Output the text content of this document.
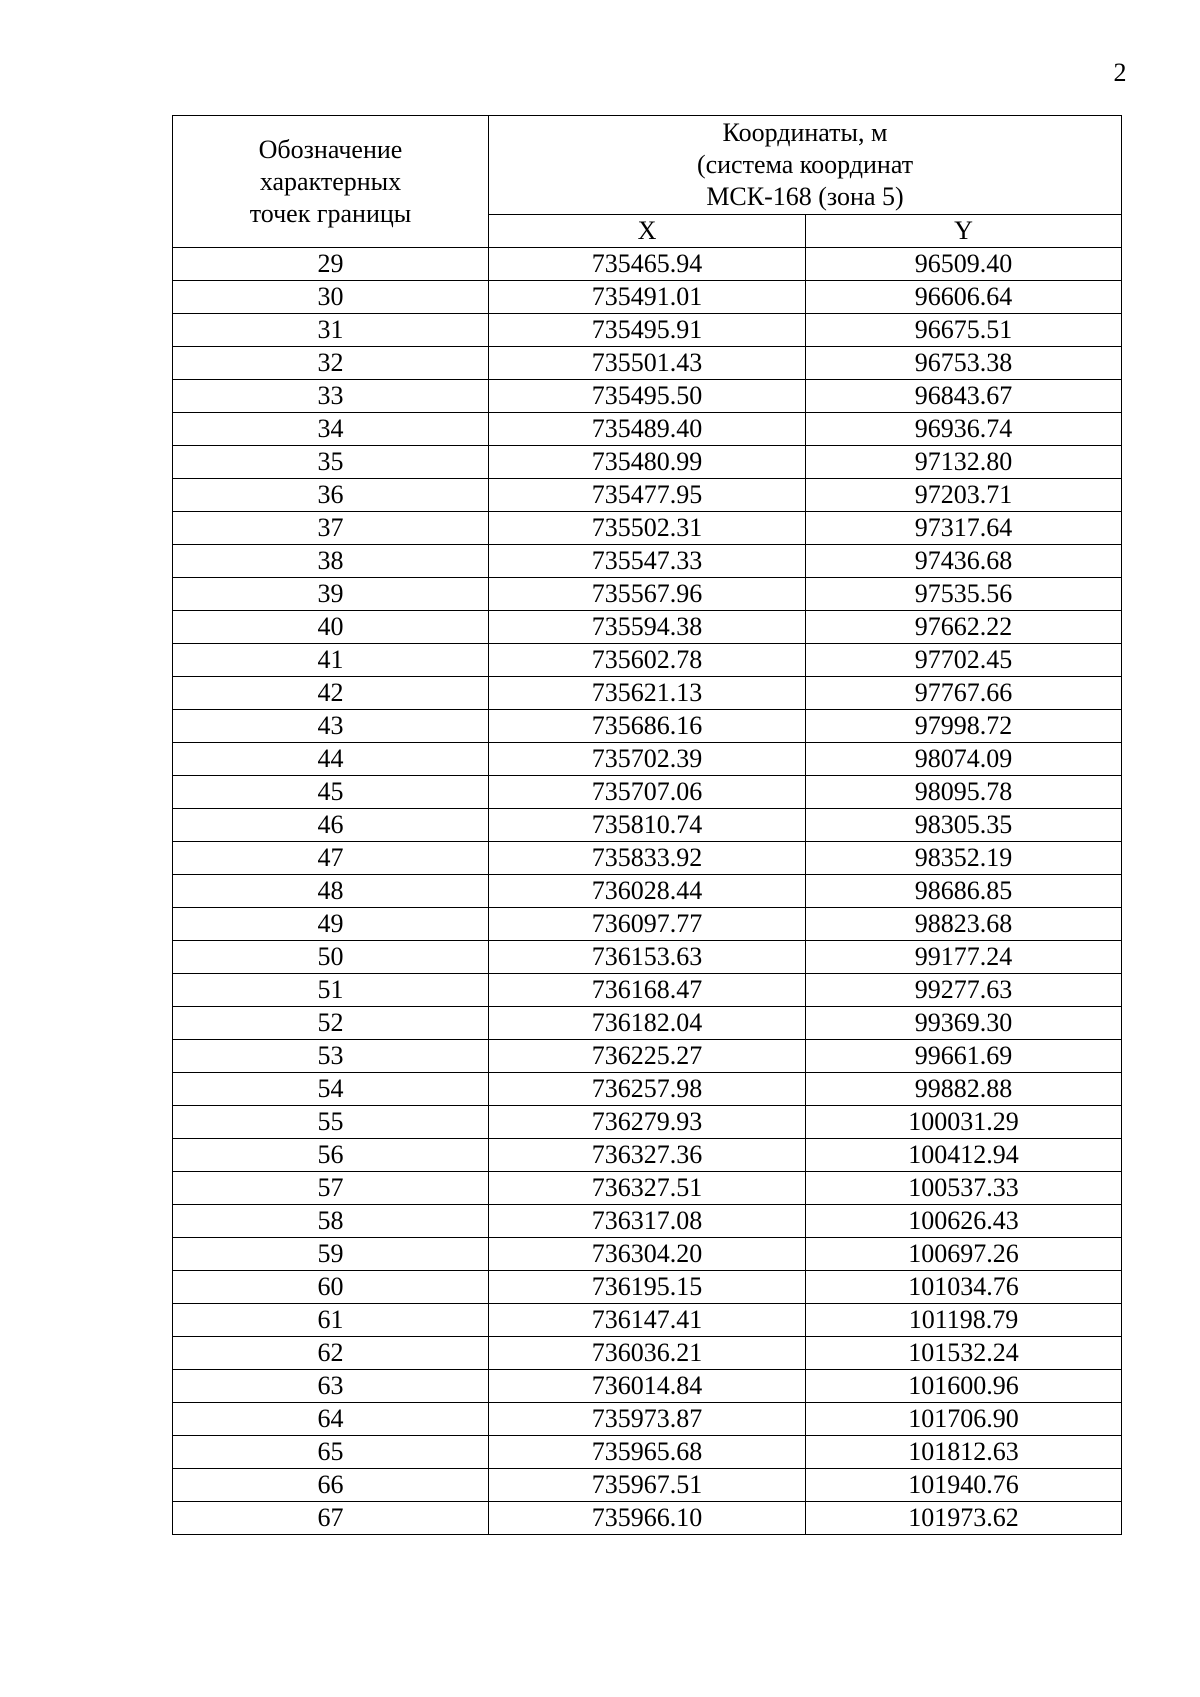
2
Обозначение
характерных
точек границы	Координаты, м
(система координат
МСК-168 (зона 5)	

	X	Y
29	735465.94	96509.40
30	735491.01	96606.64
31	735495.91	96675.51
32	735501.43	96753.38
33	735495.50	96843.67
34	735489.40	96936.74
35	735480.99	97132.80
36	735477.95	97203.71
37	735502.31	97317.64
38	735547.33	97436.68
39	735567.96	97535.56
40	735594.38	97662.22
41	735602.78	97702.45
42	735621.13	97767.66
43	735686.16	97998.72
44	735702.39	98074.09
45	735707.06	98095.78
46	735810.74	98305.35
47	735833.92	98352.19
48	736028.44	98686.85
49	736097.77	98823.68
50	736153.63	99177.24
51	736168.47	99277.63
52	736182.04	99369.30
53	736225.27	99661.69
54	736257.98	99882.88
55	736279.93	100031.29
56	736327.36	100412.94
57	736327.51	100537.33
58	736317.08	100626.43
59	736304.20	100697.26
60	736195.15	101034.76
61	736147.41	101198.79
62	736036.21	101532.24
63	736014.84	101600.96
64	735973.87	101706.90
65	735965.68	101812.63
66	735967.51	101940.76
67	735966.10	101973.62
